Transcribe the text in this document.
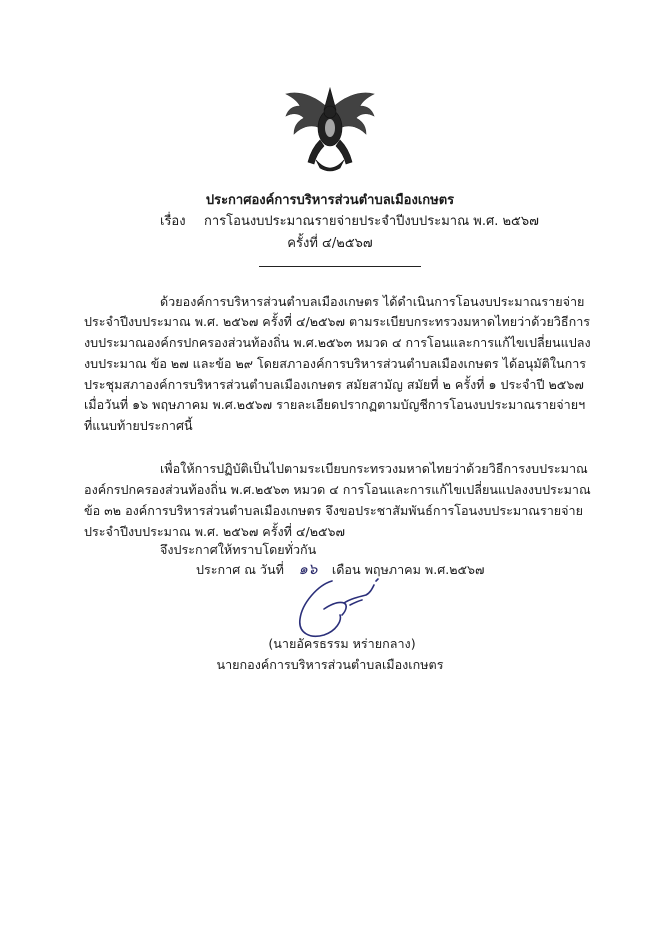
ประกาศองค์การบริหารส่วนตำบลเมืองเกษตร
เรื่อง การโอนงบประมาณรายจ่ายประจำปีงบประมาณ พ.ศ. ๒๕๖๗
ครั้งที่ ๔/๒๕๖๗
ด้วยองค์การบริหารส่วนตำบลเมืองเกษตร ได้ดำเนินการโอนงบประมาณรายจ่าย
ประจำปีงบประมาณ พ.ศ. ๒๕๖๗ ครั้งที่ ๔/๒๕๖๗ ตามระเบียบกระทรวงมหาดไทยว่าด้วยวิธีการ
งบประมาณองค์กรปกครองส่วนท้องถิ่น พ.ศ.๒๕๖๓ หมวด ๔ การโอนและการแก้ไขเปลี่ยนแปลง
งบประมาณ ข้อ ๒๗ และข้อ ๒๙ โดยสภาองค์การบริหารส่วนตำบลเมืองเกษตร ได้อนุมัติในการ
ประชุมสภาองค์การบริหารส่วนตำบลเมืองเกษตร สมัยสามัญ สมัยที่ ๒ ครั้งที่ ๑ ประจำปี ๒๕๖๗
เมื่อวันที่ ๑๖ พฤษภาคม พ.ศ.๒๕๖๗ รายละเอียดปรากฏตามบัญชีการโอนงบประมาณรายจ่ายฯ
ที่แนบท้ายประกาศนี้
เพื่อให้การปฏิบัติเป็นไปตามระเบียบกระทรวงมหาดไทยว่าด้วยวิธีการงบประมาณ
องค์กรปกครองส่วนท้องถิ่น พ.ศ.๒๕๖๓ หมวด ๔ การโอนและการแก้ไขเปลี่ยนแปลงงบประมาณ
ข้อ ๓๒ องค์การบริหารส่วนตำบลเมืองเกษตร จึงขอประชาสัมพันธ์การโอนงบประมาณรายจ่าย
ประจำปีงบประมาณ พ.ศ. ๒๕๖๗ ครั้งที่ ๔/๒๕๖๗
จึงประกาศให้ทราบโดยทั่วกัน
ประกาศ ณ วันที่ ๑๖ เดือน พฤษภาคม พ.ศ.๒๕๖๗
(นายอัครธรรม หร่ายกลาง)
นายกองค์การบริหารส่วนตำบลเมืองเกษตร
